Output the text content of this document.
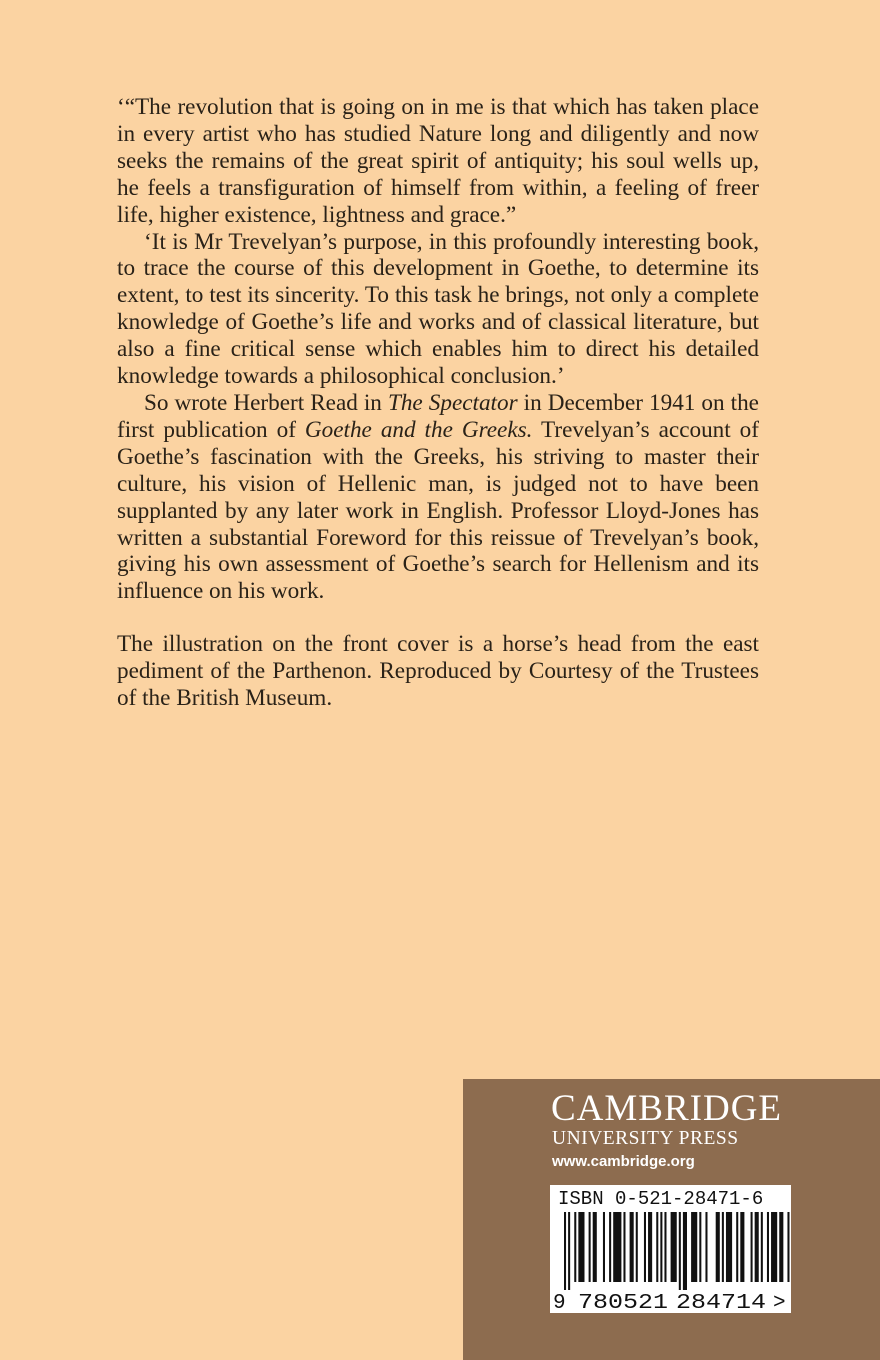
‘“The revolution that is going on in me is that which has taken place in every artist who has studied Nature long and diligently and now seeks the remains of the great spirit of antiquity; his soul wells up, he feels a transfiguration of himself from within, a feeling of freer life, higher existence, lightness and grace.”

‘It is Mr Trevelyan’s purpose, in this profoundly interesting book, to trace the course of this development in Goethe, to determine its extent, to test its sincerity. To this task he brings, not only a complete knowledge of Goethe’s life and works and of classical literature, but also a fine critical sense which enables him to direct his detailed knowledge towards a philosophical conclusion.’

So wrote Herbert Read in The Spectator in December 1941 on the first publication of Goethe and the Greeks. Trevelyan’s account of Goethe’s fascination with the Greeks, his striving to master their culture, his vision of Hellenic man, is judged not to have been supplanted by any later work in English. Professor Lloyd-Jones has written a substantial Foreword for this reissue of Trevelyan’s book, giving his own assessment of Goethe’s search for Hellenism and its influence on his work.

The illustration on the front cover is a horse’s head from the east pediment of the Parthenon. Reproduced by Courtesy of the Trustees of the British Museum.

CAMBRIDGE
UNIVERSITY PRESS
www.cambridge.org
ISBN 0-521-28471-6
9 780521 284714 >
